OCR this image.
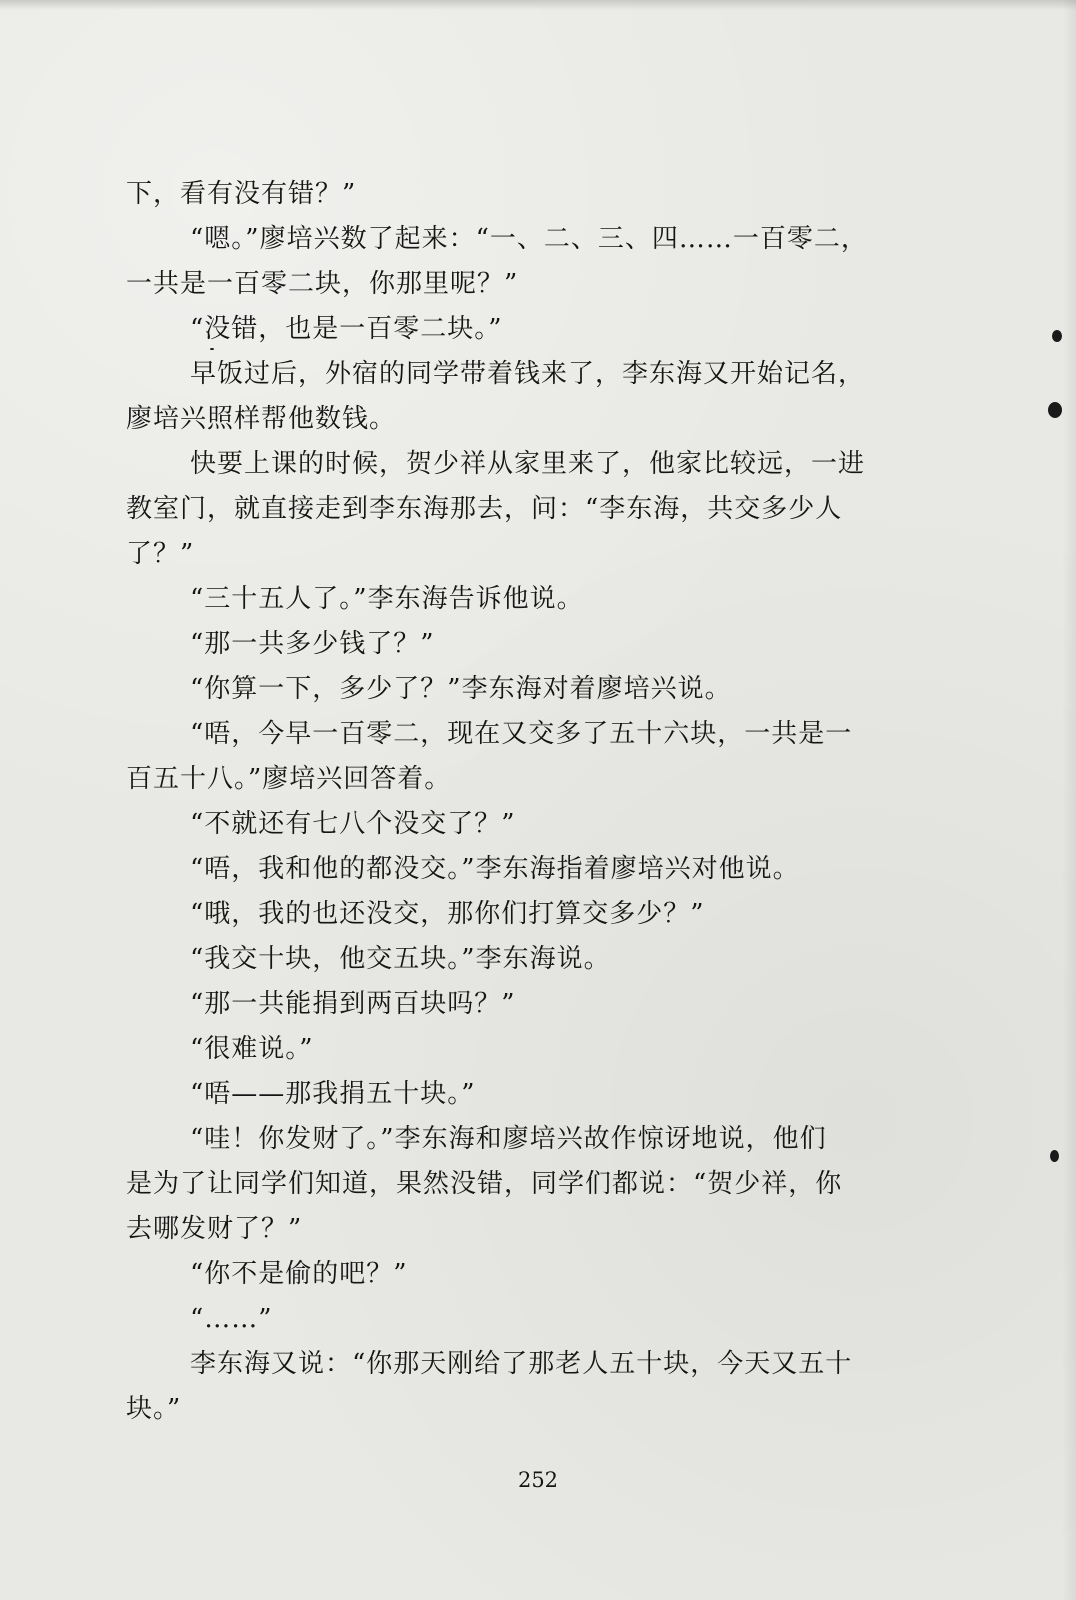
下，看有没有错？”
“嗯。”廖培兴数了起来：“一、二、三、四……一百零二，
一共是一百零二块，你那里呢？”
“没错，也是一百零二块。”
早饭过后，外宿的同学带着钱来了，李东海又开始记名，
廖培兴照样帮他数钱。
快要上课的时候，贺少祥从家里来了，他家比较远，一进
教室门，就直接走到李东海那去，问：“李东海，共交多少人
了？”
“三十五人了。”李东海告诉他说。
“那一共多少钱了？”
“你算一下，多少了？”李东海对着廖培兴说。
“唔，今早一百零二，现在又交多了五十六块，一共是一
百五十八。”廖培兴回答着。
“不就还有七八个没交了？”
“唔，我和他的都没交。”李东海指着廖培兴对他说。
“哦，我的也还没交，那你们打算交多少？”
“我交十块，他交五块。”李东海说。
“那一共能捐到两百块吗？”
“很难说。”
“唔——那我捐五十块。”
“哇！你发财了。”李东海和廖培兴故作惊讶地说，他们
是为了让同学们知道，果然没错，同学们都说：“贺少祥，你
去哪发财了？”
“你不是偷的吧？”
“……”
李东海又说：“你那天刚给了那老人五十块，今天又五十
块。”
252
